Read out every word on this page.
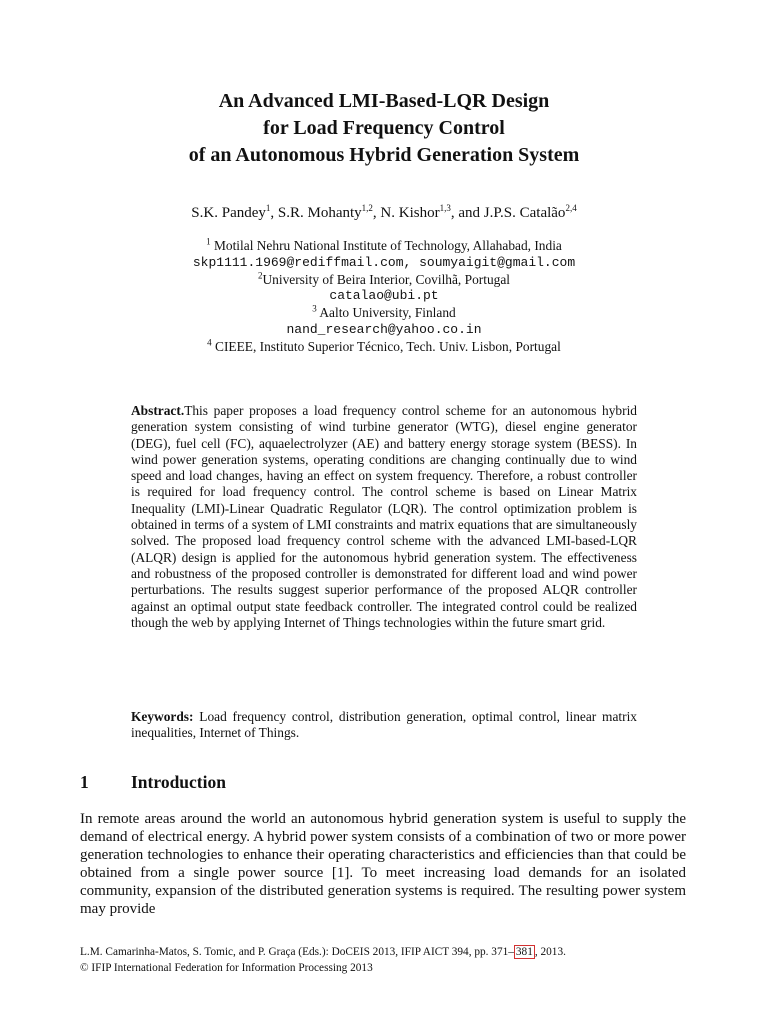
An Advanced LMI-Based-LQR Design
for Load Frequency Control
of an Autonomous Hybrid Generation System
S.K. Pandey$^1$, S.R. Mohanty$^{1,2}$, N. Kishor$^{1,3}$, and J.P.S. Catalão$^{2,4}$
$^1$ Motilal Nehru National Institute of Technology, Allahabad, India
skp1111.1969@rediffmail.com, soumyaigit@gmail.com
$^2$University of Beira Interior, Covilhã, Portugal
catalao@ubi.pt
$^3$ Aalto University, Finland
nand_research@yahoo.co.in
$^4$ CIEEE, Instituto Superior Técnico, Tech. Univ. Lisbon, Portugal
Abstract.This paper proposes a load frequency control scheme for an autonomous hybrid generation system consisting of wind turbine generator (WTG), diesel engine generator (DEG), fuel cell (FC), aquaelectrolyzer (AE) and battery energy storage system (BESS). In wind power generation systems, operating conditions are changing continually due to wind speed and load changes, having an effect on system frequency. Therefore, a robust controller is required for load frequency control. The control scheme is based on Linear Matrix Inequality (LMI)-Linear Quadratic Regulator (LQR). The control optimization problem is obtained in terms of a system of LMI constraints and matrix equations that are simultaneously solved. The proposed load frequency control scheme with the advanced LMI-based-LQR (ALQR) design is applied for the autonomous hybrid generation system. The effectiveness and robustness of the proposed controller is demonstrated for different load and wind power perturbations. The results suggest superior performance of the proposed ALQR controller against an optimal output state feedback controller. The integrated control could be realized though the web by applying Internet of Things technologies within the future smart grid.
Keywords: Load frequency control, distribution generation, optimal control, linear matrix inequalities, Internet of Things.
1 Introduction
In remote areas around the world an autonomous hybrid generation system is useful to supply the demand of electrical energy. A hybrid power system consists of a combination of two or more power generation technologies to enhance their operating characteristics and efficiencies than that could be obtained from a single power source [1]. To meet increasing load demands for an isolated community, expansion of the distributed generation systems is required. The resulting power system may provide
L.M. Camarinha-Matos, S. Tomic, and P. Graça (Eds.): DoCEIS 2013, IFIP AICT 394, pp. 371– 381 , 2013.
© IFIP International Federation for Information Processing 2013
